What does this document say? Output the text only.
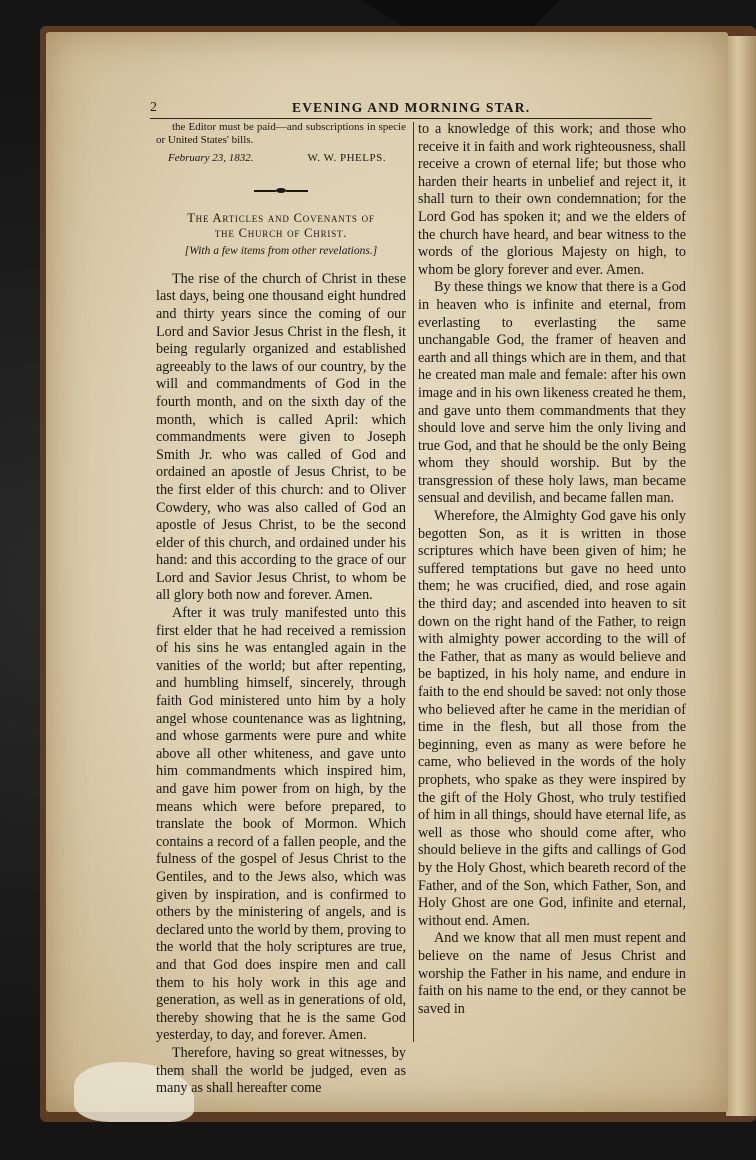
2	EVENING AND MORNING STAR.

the Editor must be paid—and subscriptions in specie or United States' bills.

February 23, 1832.	W. W. PHELPS.
The Articles and Covenants of
the Church of Christ.
[With a few items from other revelations.]

The rise of the church of Christ in these last days, being one thousand eight hundred and thirty years since the coming of our Lord and Savior Jesus Christ in the flesh, it being regularly organized and established agreeably to the laws of our country, by the will and commandments of God in the fourth month, and on the sixth day of the month, which is called April: which commandments were given to Joseph Smith Jr. who was called of God and ordained an apostle of Jesus Christ, to be the first elder of this church: and to Oliver Cowdery, who was also called of God an apostle of Jesus Christ, to be the second elder of this church, and ordained under his hand: and this according to the grace of our Lord and Savior Jesus Christ, to whom be all glory both now and forever. Amen.

After it was truly manifested unto this first elder that he had received a remission of his sins he was entangled again in the vanities of the world; but after repenting, and humbling himself, sincerely, through faith God ministered unto him by a holy angel whose countenance was as lightning, and whose garments were pure and white above all other whiteness, and gave unto him commandments which inspired him, and gave him power from on high, by the means which were before prepared, to translate the book of Mormon. Which contains a record of a fallen people, and the fulness of the gospel of Jesus Christ to the Gentiles, and to the Jews also, which was given by inspiration, and is confirmed to others by the ministering of angels, and is declared unto the world by them, proving to the world that the holy scriptures are true, and that God does inspire men and call them to his holy work in this age and generation, as well as in generations of old, thereby showing that he is the same God yesterday, to day, and forever. Amen.

Therefore, having so great witnesses, by them shall the world be judged, even as many as shall hereafter come

to a knowledge of this work; and those who receive it in faith and work righteousness, shall receive a crown of eternal life; but those who harden their hearts in unbelief and reject it, it shall turn to their own condemnation; for the Lord God has spoken it; and we the elders of the church have heard, and bear witness to the words of the glorious Majesty on high, to whom be glory forever and ever. Amen.

By these things we know that there is a God in heaven who is infinite and eternal, from everlasting to everlasting the same unchangable God, the framer of heaven and earth and all things which are in them, and that he created man male and female: after his own image and in his own likeness created he them, and gave unto them commandments that they should love and serve him the only living and true God, and that he should be the only Being whom they should worship. But by the transgression of these holy laws, man became sensual and devilish, and became fallen man.

Wherefore, the Almighty God gave his only begotten Son, as it is written in those scriptures which have been given of him; he suffered temptations but gave no heed unto them; he was crucified, died, and rose again the third day; and ascended into heaven to sit down on the right hand of the Father, to reign with almighty power according to the will of the Father, that as many as would believe and be baptized, in his holy name, and endure in faith to the end should be saved: not only those who believed after he came in the meridian of time in the flesh, but all those from the beginning, even as many as were before he came, who believed in the words of the holy prophets, who spake as they were inspired by the gift of the Holy Ghost, who truly testified of him in all things, should have eternal life, as well as those who should come after, who should believe in the gifts and callings of God by the Holy Ghost, which beareth record of the Father, and of the Son, which Father, Son, and Holy Ghost are one God, infinite and eternal, without end. Amen.

And we know that all men must repent and believe on the name of Jesus Christ and worship the Father in his name, and endure in faith on his name to the end, or they cannot be saved in
